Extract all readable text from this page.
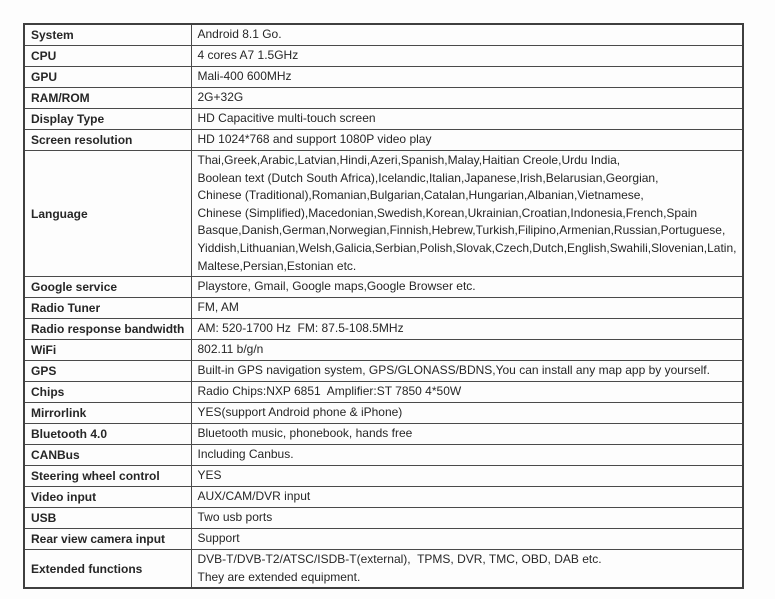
System	Android 8.1 Go.

CPU	4 cores A7 1.5GHz

GPU	Mali-400 600MHz

RAM/ROM	2G+32G

Display Type	HD Capacitive multi-touch screen

Screen resolution	HD 1024*768 and support 1080P video play

Language	
Thai,Greek,Arabic,Latvian,Hindi,Azeri,Spanish,Malay,Haitian Creole,Urdu India,
Boolean text (Dutch South Africa),Icelandic,Italian,Japanese,Irish,Belarusian,Georgian,
Chinese (Traditional),Romanian,Bulgarian,Catalan,Hungarian,Albanian,Vietnamese,
Chinese (Simplified),Macedonian,Swedish,Korean,Ukrainian,Croatian,Indonesia,French,Spain
Basque,Danish,German,Norwegian,Finnish,Hebrew,Turkish,Filipino,Armenian,Russian,Portuguese,
Yiddish,Lithuanian,Welsh,Galicia,Serbian,Polish,Slovak,Czech,Dutch,English,Swahili,Slovenian,Latin,
Maltese,Persian,Estonian etc.

Google service	Playstore, Gmail, Google maps,Google Browser etc.

Radio Tuner	FM, AM

Radio response bandwidth	AM: 520-1700 Hz  FM: 87.5-108.5MHz

WiFi	802.11 b/g/n

GPS	Built-in GPS navigation system, GPS/GLONASS/BDNS,You can install any map app by yourself.

Chips	Radio Chips:NXP 6851  Amplifier:ST 7850 4*50W

Mirrorlink	YES(support Android phone & iPhone)

Bluetooth 4.0	Bluetooth music, phonebook, hands free

CANBus	Including Canbus.

Steering wheel control	YES

Video input	AUX/CAM/DVR input

USB	Two usb ports

Rear view camera input	Support

Extended functions	DVB-T/DVB-T2/ATSC/ISDB-T(external),  TPMS, DVR, TMC, OBD, DAB etc.
They are extended equipment.
